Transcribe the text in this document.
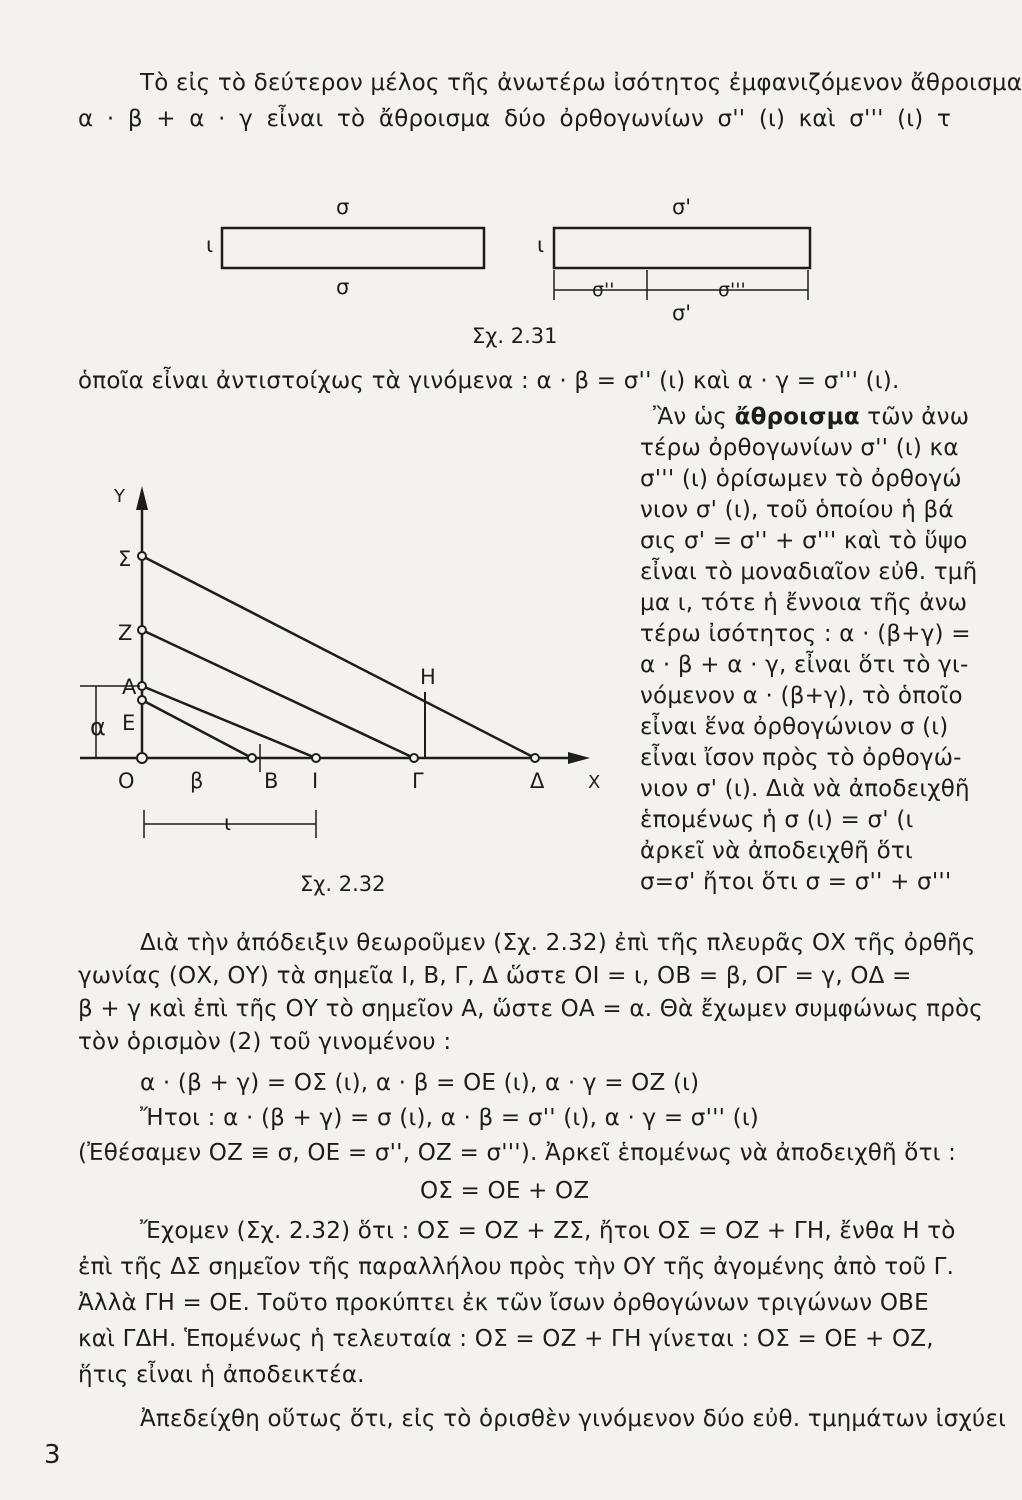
Τὸ εἰς τὸ δεύτερον μέλος τῆς ἀνωτέρω ἰσότητος ἐμφανιζόμενον ἄθροισμα
α · β + α · γ εἶναι τὸ ἄθροισμα δύο ὀρθογωνίων σ'' (ι) καὶ σ''' (ι) τ
σ
ι
σ
σ'
ι
σ''	σ'''
σ'
Σχ. 2.31
ὁποῖα εἶναι ἀντιστοίχως τὰ γινόμενα : α · β = σ'' (ι) καὶ α · γ = σ''' (ι).
Ἂν ὡς ἄθροισμα τῶν ἀνω
τέρω ὀρθογωνίων σ'' (ι) κα
σ''' (ι) ὁρίσωμεν τὸ ὀρθογώ
νιον σ' (ι), τοῦ ὁποίου ἡ βά
σις σ' = σ'' + σ''' καὶ τὸ ὕψο
εἶναι τὸ μοναδιαῖον εὐθ. τμῆ
μα ι, τότε ἡ ἔννοια τῆς ἀνω
τέρω ἰσότητος : α · (β+γ) =
α · β + α · γ, εἶναι ὅτι τὸ γι-
νόμενον α · (β+γ), τὸ ὁποῖο
εἶναι ἕνα ὀρθογώνιον σ (ι)
εἶναι ἴσον πρὸς τὸ ὀρθογώ-
νιον σ' (ι). Διὰ νὰ ἀποδειχθῆ
ἑπομένως ἡ σ (ι) = σ' (ι
ἀρκεῖ νὰ ἀποδειχθῆ ὅτι
σ=σ' ἤτοι ὅτι σ = σ'' + σ'''
Y
Σ
Z
A
E
α
O	β	B I	Γ	Δ X
H
ι
Σχ. 2.32
Διὰ τὴν ἀπόδειξιν θεωροῦμεν (Σχ. 2.32) ἐπὶ τῆς πλευρᾶς ΟΧ τῆς ὀρθῆς
γωνίας (ΟΧ, ΟΥ) τὰ σημεῖα Ι, Β, Γ, Δ ὥστε ΟΙ = ι, ΟΒ = β, ΟΓ = γ, ΟΔ =
β + γ καὶ ἐπὶ τῆς ΟΥ τὸ σημεῖον Α, ὥστε ΟΑ = α. Θὰ ἔχωμεν συμφώνως πρὸς
τὸν ὁρισμὸν (2) τοῦ γινομένου :
α · (β + γ) = ΟΣ (ι), α · β = ΟΕ (ι), α · γ = ΟΖ (ι)
Ἤτοι : α · (β + γ) = σ (ι), α · β = σ'' (ι), α · γ = σ''' (ι)
(Ἐθέσαμεν ΟΖ ≡ σ, ΟΕ = σ'', ΟΖ = σ'''). Ἀρκεῖ ἑπομένως νὰ ἀποδειχθῆ ὅτι :
ΟΣ = ΟΕ + ΟΖ
Ἔχομεν (Σχ. 2.32) ὅτι : ΟΣ = ΟΖ + ΖΣ, ἤτοι ΟΣ = ΟΖ + ΓΗ, ἔνθα Η τὸ
ἐπὶ τῆς ΔΣ σημεῖον τῆς παραλλήλου πρὸς τὴν ΟΥ τῆς ἀγομένης ἀπὸ τοῦ Γ.
Ἀλλὰ ΓΗ = ΟΕ. Τοῦτο προκύπτει ἐκ τῶν ἴσων ὀρθογώνων τριγώνων ΟΒΕ
καὶ ΓΔΗ. Ἑπομένως ἡ τελευταία : ΟΣ = ΟΖ + ΓΗ γίνεται : ΟΣ = ΟΕ + ΟΖ,
ἥτις εἶναι ἡ ἀποδεικτέα.
Ἀπεδείχθη οὕτως ὅτι, εἰς τὸ ὁρισθὲν γινόμενον δύο εὐθ. τμημάτων ἰσχύει
3
